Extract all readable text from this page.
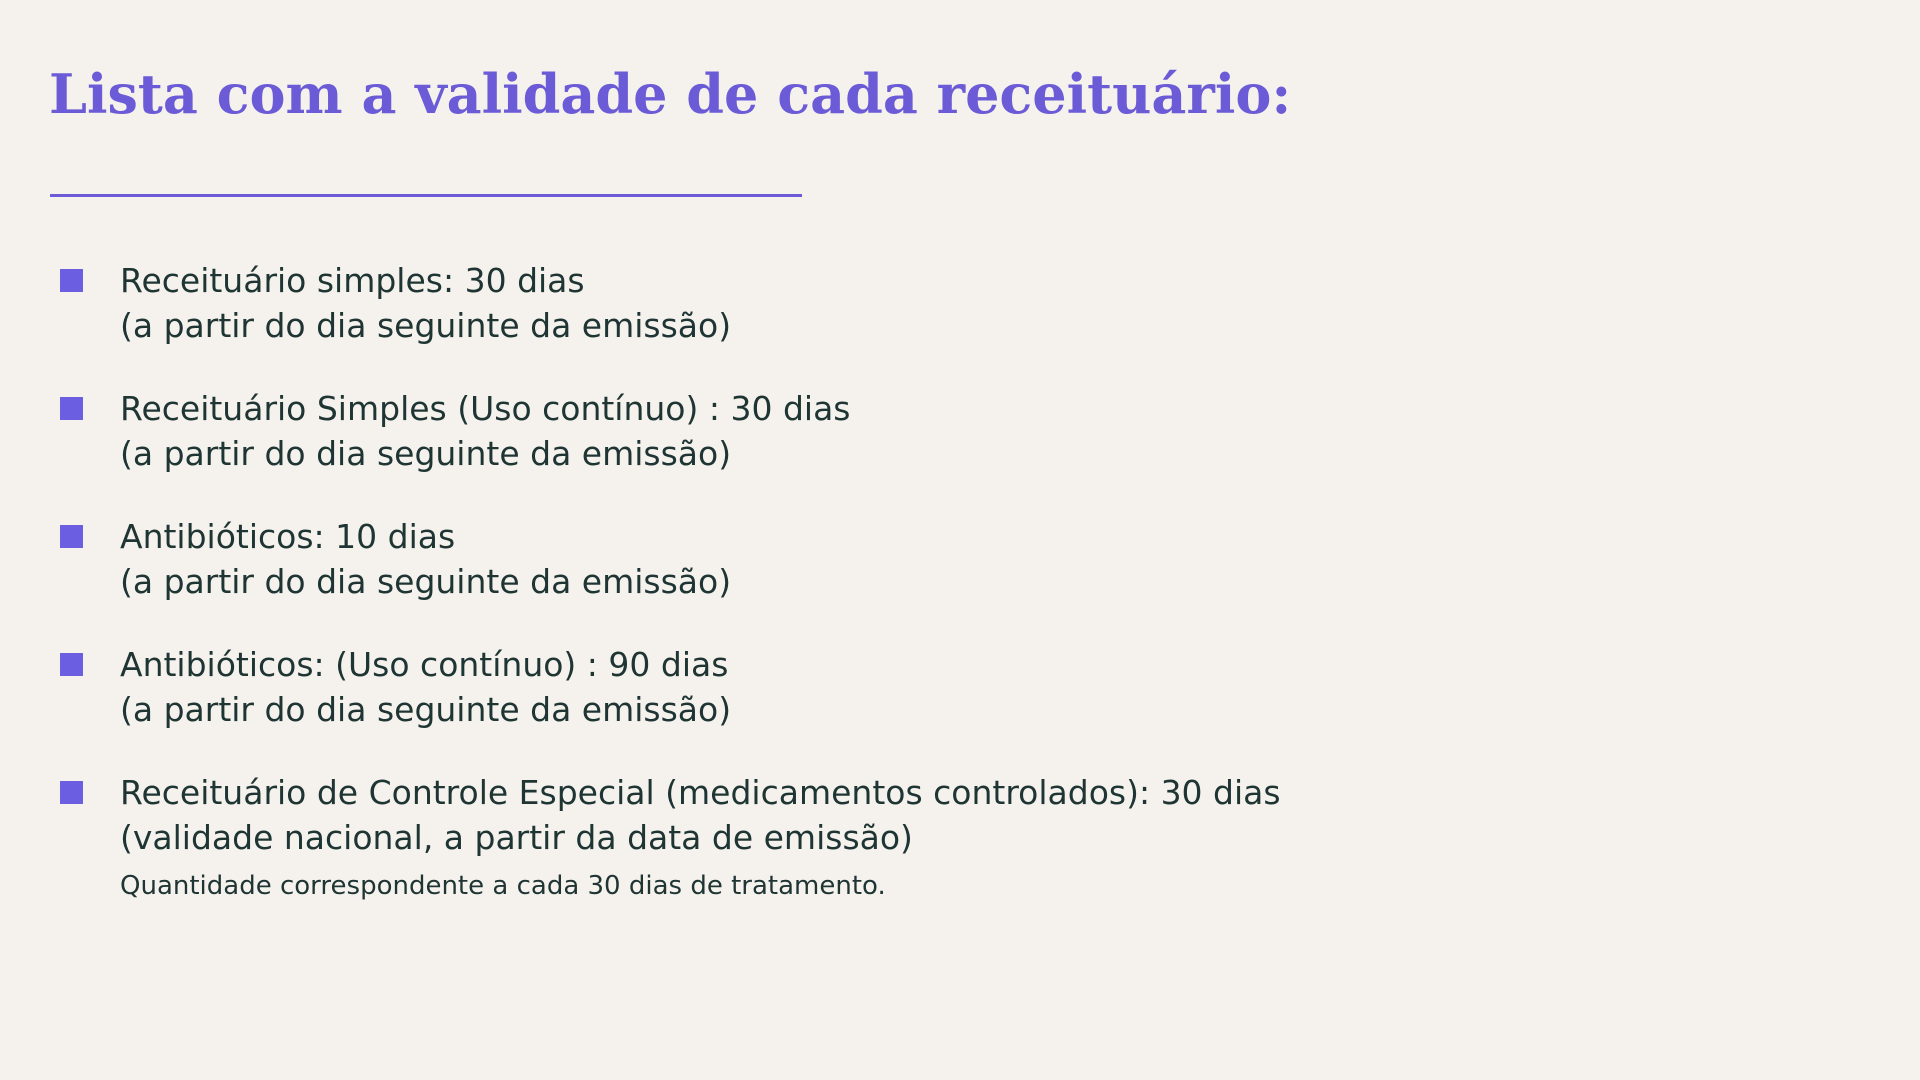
Lista com a validade de cada receituário:
Receituário simples: 30 dias
(a partir do dia seguinte da emissão)
Receituário Simples (Uso contínuo) : 30 dias
(a partir do dia seguinte da emissão)
Antibióticos: 10 dias
(a partir do dia seguinte da emissão)
Antibióticos: (Uso contínuo) : 90 dias
(a partir do dia seguinte da emissão)
Receituário de Controle Especial (medicamentos controlados): 30 dias
(validade nacional, a partir da data de emissão)
Quantidade correspondente a cada 30 dias de tratamento.
